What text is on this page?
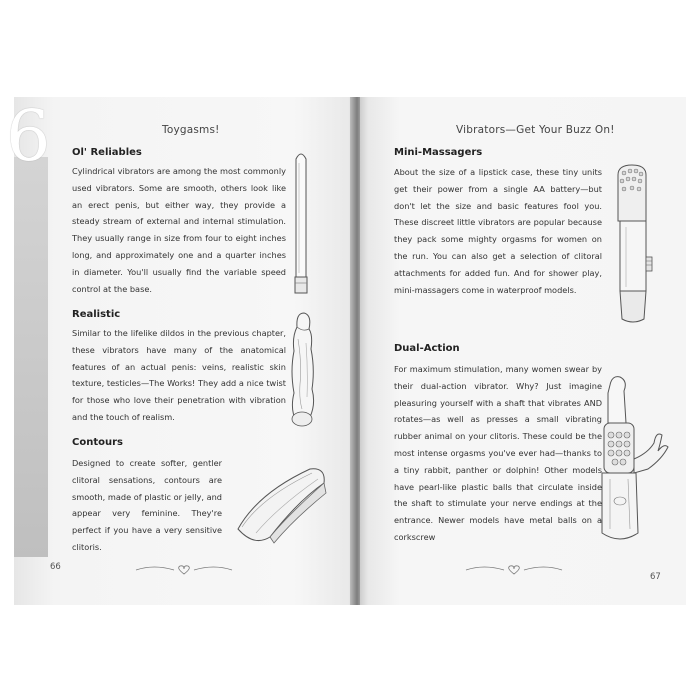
6	Toygasms!
Ol' Reliables

Cylindrical vibrators are among the most commonly used vibrators. Some are smooth, others look like an erect penis, but either way, they provide a steady stream of external and internal stimulation. They usually range in size from four to eight inches long, and approximately one and a quarter inches in diameter. You'll usually find the variable speed control at the base.

Realistic

Similar to the lifelike dildos in the previous chapter, these vibrators have many of the anatomical features of an actual penis: veins, realistic skin texture, testicles—The Works! They add a nice twist for those who love their penetration with vibration and the touch of realism.

Contours

Designed to create softer, gentler clitoral sensations, contours are smooth, made of plastic or jelly, and appear very feminine. They're perfect if you have a very sensitive clitoris.

66
Vibrators—Get Your Buzz On!
Mini-Massagers

About the size of a lipstick case, these tiny units get their power from a single AA battery—but don't let the size and basic features fool you. These discreet little vibrators are popular because they pack some mighty orgasms for women on the run. You can also get a selection of clitoral attachments for added fun. And for shower play, mini-massagers come in waterproof models.

Dual-Action

For maximum stimulation, many women swear by their dual-action vibrator. Why? Just imagine pleasuring yourself with a shaft that vibrates AND rotates—as well as presses a small vibrating rubber animal on your clitoris. These could be the most intense orgasms you've ever had—thanks to a tiny rabbit, panther or dolphin! Other models have pearl-like plastic balls that circulate inside the shaft to stimulate your nerve endings at the entrance. Newer models have metal balls on a corkscrew

67
